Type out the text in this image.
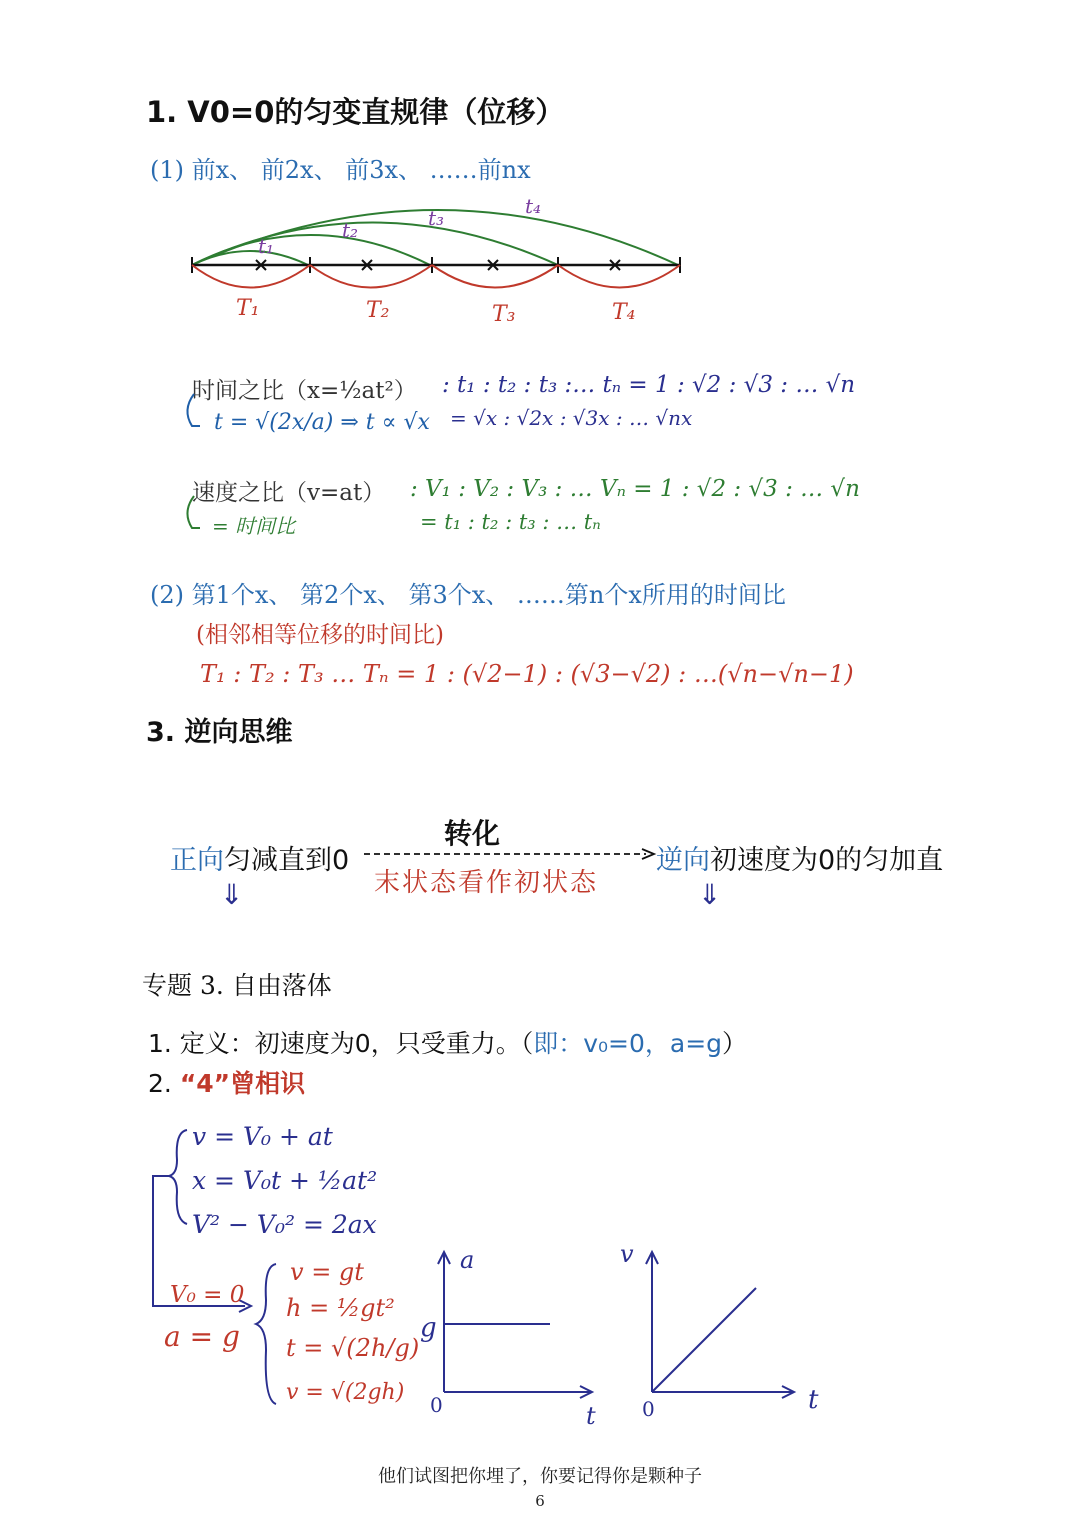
1. V0=0的匀变直规律（位移）
(1) 前x、 前2x、 前3x、 ……前nx
t₁
t₂	t₃	t₄
T₁	T₂	T₃	T₄
时间之比（x=½at²） : t₁ : t₂ : t₃ :… tₙ = 1 : √2 : √3 : … √n
= √x : √2x : √3x : … √nx
t = √(2x/a) ⇒ t ∝ √x
速度之比（v=at） : V₁ : V₂ : V₃ : … Vₙ = 1 : √2 : √3 : … √n
= t₁ : t₂ : t₃ : … tₙ
= 时间比
(2) 第1个x、 第2个x、 第3个x、 ……第n个x所用的时间比
(相邻相等位移的时间比)
T₁ : T₂ : T₃ … Tₙ = 1 : (√2−1) : (√3−√2) : …(√n−√n−1)
3. 逆向思维
转化
正向匀减直到0	逆向初速度为0的匀加直
末状态看作初状态
⇓	⇓
专题 3. 自由落体
1. 定义：初速度为0，只受重力。（即：v₀=0，a=g）
2. “4”曾相识
v = V₀ + at
x = V₀t + ½at²
V² − V₀² = 2ax
V₀ = 0
a = g
v = gt
h = ½gt²
t = √(2h/g)
v = √(2gh)
a
g
0	t
v
0	t
他们试图把你埋了，你要记得你是颗种子
6
